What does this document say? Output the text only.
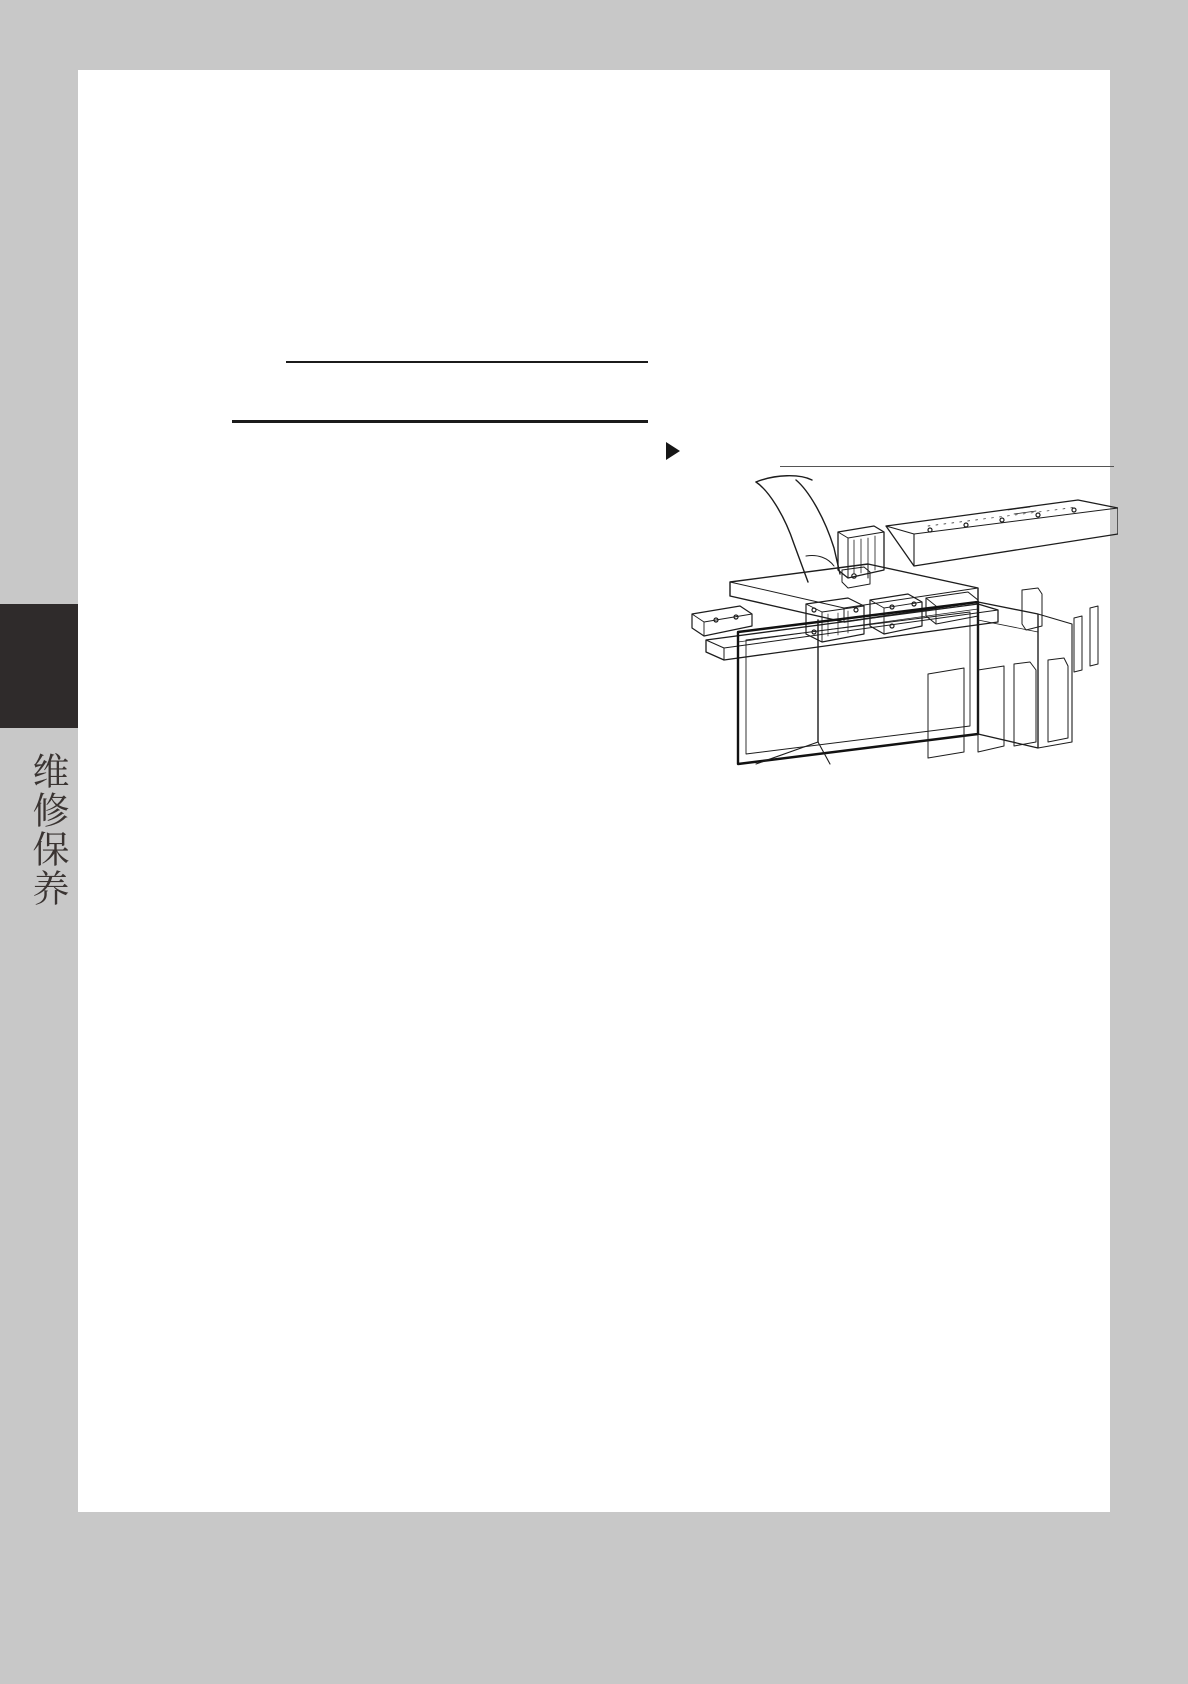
维修保养
